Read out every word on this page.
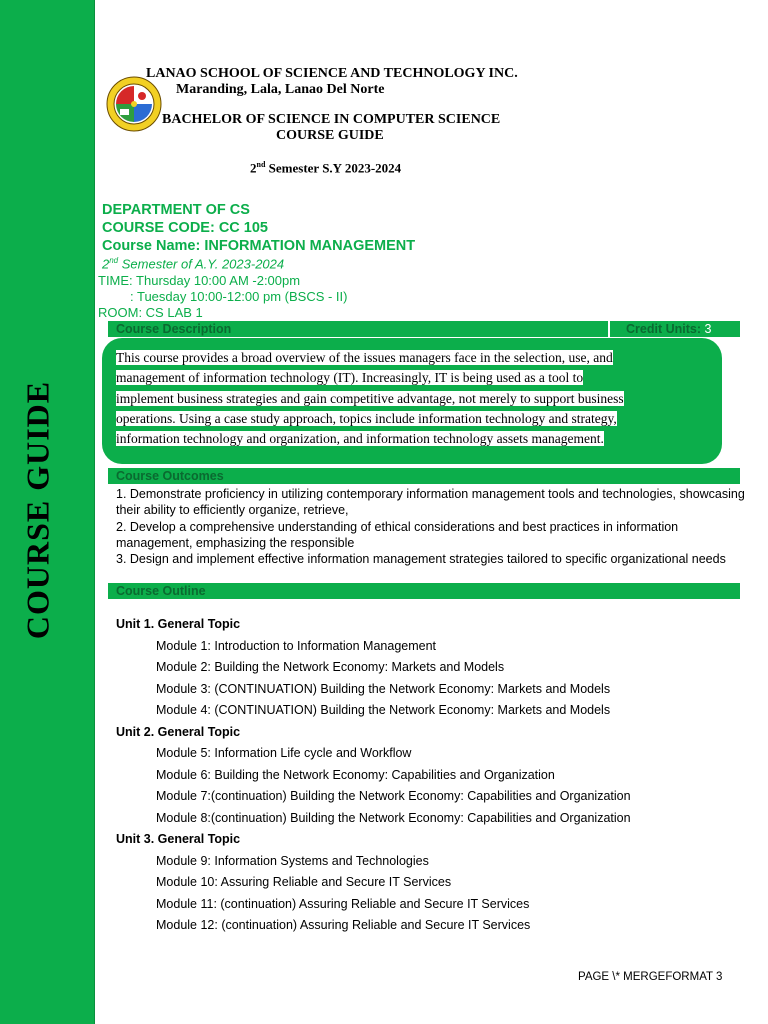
COURSE GUIDE
LANAO SCHOOL OF SCIENCE AND TECHNOLOGY INC.
Maranding, Lala, Lanao Del Norte
BACHELOR OF SCIENCE IN COMPUTER SCIENCE
COURSE GUIDE
2nd Semester S.Y 2023-2024
DEPARTMENT OF CS
COURSE CODE: CC 105
Course Name: INFORMATION MANAGEMENT
2nd Semester of A.Y. 2023-2024
TIME: Thursday 10:00 AM -2:00pm
: Tuesday 10:00-12:00 pm (BSCS - II)
ROOM: CS LAB 1
Course Description	Credit Units: 3
This course provides a broad overview of the issues managers face in the selection, use, and
management of information technology (IT). Increasingly, IT is being used as a tool to
implement business strategies and gain competitive advantage, not merely to support business
operations. Using a case study approach, topics include information technology and strategy,
information technology and organization, and information technology assets management.
Course Outcomes
1. Demonstrate proficiency in utilizing contemporary information management tools and technologies, showcasing their ability to efficiently organize, retrieve,
2. Develop a comprehensive understanding of ethical considerations and best practices in information management, emphasizing the responsible
3. Design and implement effective information management strategies tailored to specific organizational needs
Course Outline
Unit 1. General Topic
Module 1: Introduction to Information Management
Module 2: Building the Network Economy: Markets and Models
Module 3: (CONTINUATION) Building the Network Economy: Markets and Models
Module 4: (CONTINUATION) Building the Network Economy: Markets and Models
Unit 2. General Topic
Module 5: Information Life cycle and Workflow
Module 6: Building the Network Economy: Capabilities and Organization
Module 7:(continuation) Building the Network Economy: Capabilities and Organization
Module 8:(continuation) Building the Network Economy: Capabilities and Organization
Unit 3. General Topic
Module 9: Information Systems and Technologies
Module 10: Assuring Reliable and Secure IT Services
Module 11: (continuation) Assuring Reliable and Secure IT Services
Module 12: (continuation) Assuring Reliable and Secure IT Services
PAGE \* MERGEFORMAT 3
